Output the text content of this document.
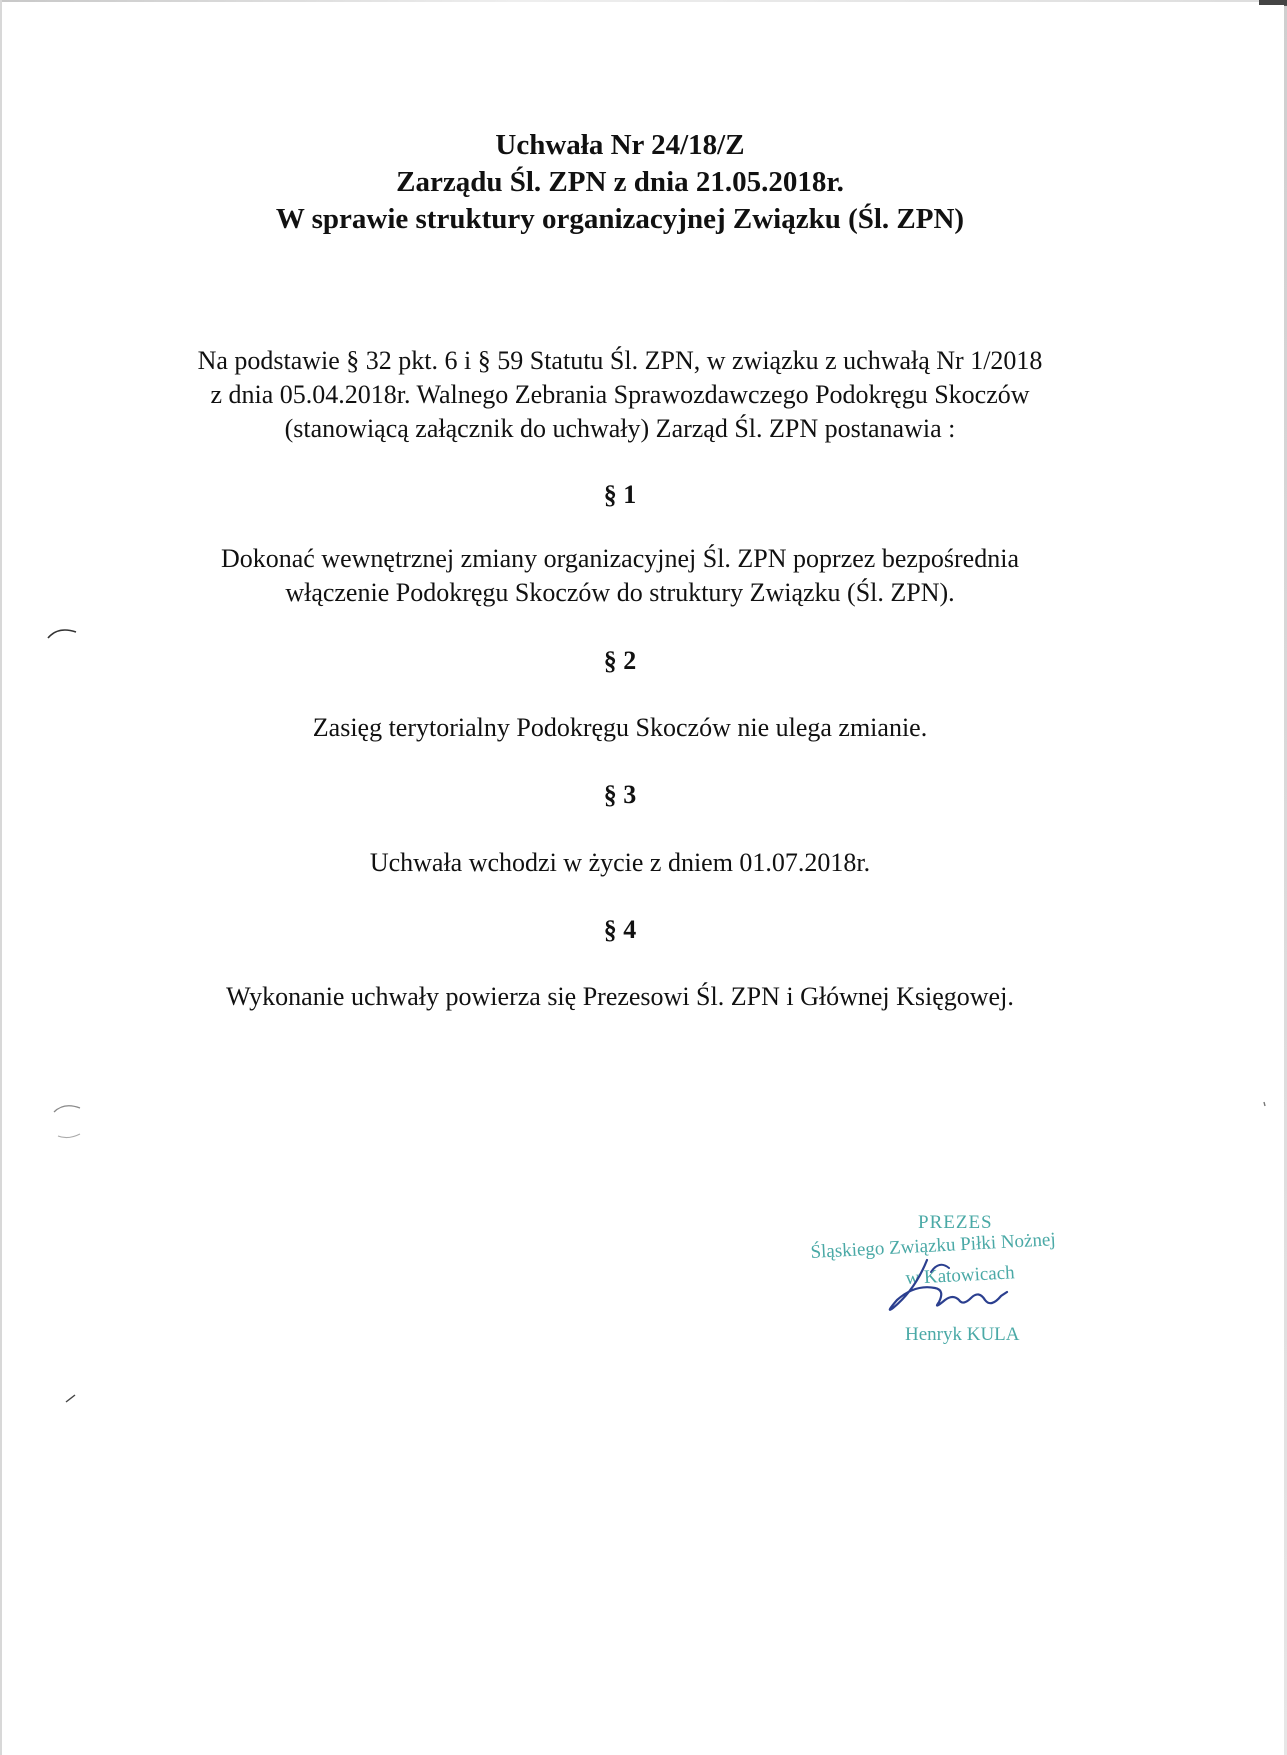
Uchwała Nr 24/18/Z
Zarządu Śl. ZPN z dnia 21.05.2018r.
W sprawie struktury organizacyjnej Związku (Śl. ZPN)
Na podstawie § 32 pkt. 6 i § 59 Statutu Śl. ZPN, w związku z uchwałą Nr 1/2018
z dnia 05.04.2018r. Walnego Zebrania Sprawozdawczego Podokręgu Skoczów
(stanowiącą załącznik do uchwały) Zarząd Śl. ZPN postanawia :
§ 1
Dokonać wewnętrznej zmiany organizacyjnej Śl. ZPN poprzez bezpośrednia
włączenie Podokręgu Skoczów do struktury Związku (Śl. ZPN).
§ 2
Zasięg terytorialny Podokręgu Skoczów nie ulega zmianie.
§ 3
Uchwała wchodzi w życie z dniem 01.07.2018r.
§ 4
Wykonanie uchwały powierza się Prezesowi Śl. ZPN i Głównej Księgowej.
PREZES
Śląskiego Związku Piłki Nożnej
w Katowicach
Henryk KULA
